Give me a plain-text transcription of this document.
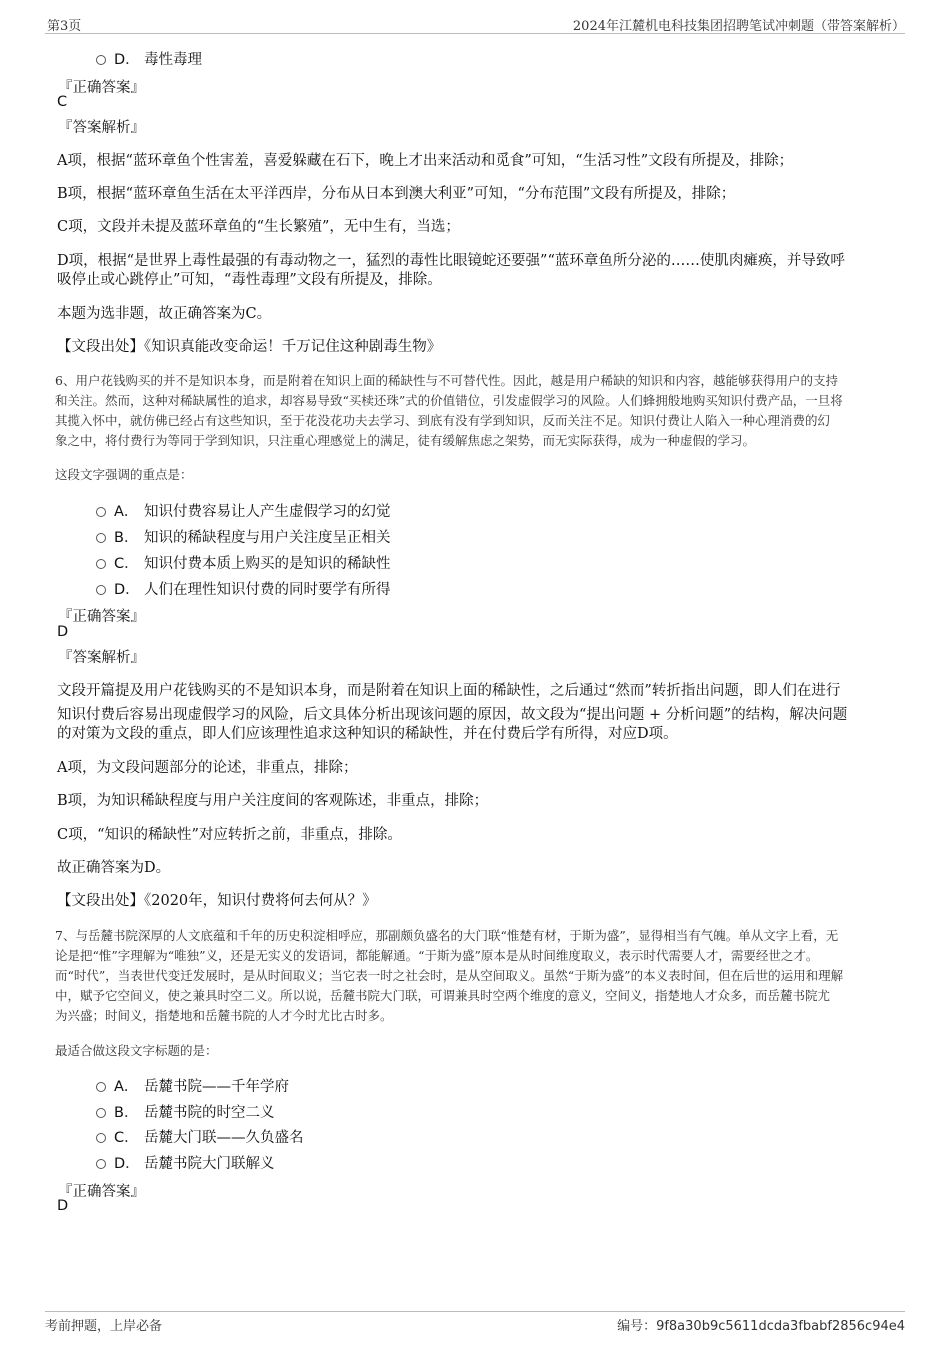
第3页	2024年江麓机电科技集团招聘笔试冲刺题（带答案解析）
D． 毒性毒理
『正确答案』
C
『答案解析』
A项，根据“蓝环章鱼个性害羞，喜爱躲藏在石下，晚上才出来活动和觅食”可知，“生活习性”文段有所提及，排除；
B项，根据“蓝环章鱼生活在太平洋西岸，分布从日本到澳大利亚”可知，“分布范围”文段有所提及，排除；
C项，文段并未提及蓝环章鱼的“生长繁殖”，无中生有，当选；
D项，根据“是世界上毒性最强的有毒动物之一，猛烈的毒性比眼镜蛇还要强”“蓝环章鱼所分泌的……使肌肉瘫痪，并导致呼
吸停止或心跳停止”可知，“毒性毒理”文段有所提及，排除。
本题为选非题，故正确答案为C。
【文段出处】《知识真能改变命运！千万记住这种剧毒生物》
6、用户花钱购买的并不是知识本身，而是附着在知识上面的稀缺性与不可替代性。因此，越是用户稀缺的知识和内容，越能够获得用户的支持
和关注。然而，这种对稀缺属性的追求，却容易导致“买椟还珠”式的价值错位，引发虚假学习的风险。人们蜂拥般地购买知识付费产品，一旦将
其揽入怀中，就仿佛已经占有这些知识，至于花没花功夫去学习、到底有没有学到知识，反而关注不足。知识付费让人陷入一种心理消费的幻
象之中，将付费行为等同于学到知识，只注重心理感觉上的满足，徒有缓解焦虑之架势，而无实际获得，成为一种虚假的学习。
这段文字强调的重点是：
A． 知识付费容易让人产生虚假学习的幻觉
B． 知识的稀缺程度与用户关注度呈正相关
C． 知识付费本质上购买的是知识的稀缺性
D． 人们在理性知识付费的同时要学有所得
『正确答案』
D
『答案解析』
文段开篇提及用户花钱购买的不是知识本身，而是附着在知识上面的稀缺性，之后通过“然而”转折指出问题，即人们在进行
知识付费后容易出现虚假学习的风险，后文具体分析出现该问题的原因，故文段为“提出问题 + 分析问题”的结构，解决问题
的对策为文段的重点，即人们应该理性追求这种知识的稀缺性，并在付费后学有所得，对应D项。
A项，为文段问题部分的论述，非重点，排除；
B项，为知识稀缺程度与用户关注度间的客观陈述，非重点，排除；
C项，“知识的稀缺性”对应转折之前，非重点，排除。
故正确答案为D。
【文段出处】《2020年，知识付费将何去何从？》
7、与岳麓书院深厚的人文底蕴和千年的历史积淀相呼应，那副颇负盛名的大门联“惟楚有材，于斯为盛”，显得相当有气魄。单从文字上看，无
论是把“惟”字理解为“唯独”义，还是无实义的发语词，都能解通。“于斯为盛”原本是从时间维度取义，表示时代需要人才，需要经世之才。
而“时代”，当表世代变迁发展时，是从时间取义；当它表一时之社会时，是从空间取义。虽然“于斯为盛”的本义表时间，但在后世的运用和理解
中，赋予它空间义，使之兼具时空二义。所以说，岳麓书院大门联，可谓兼具时空两个维度的意义，空间义，指楚地人才众多，而岳麓书院尤
为兴盛；时间义，指楚地和岳麓书院的人才今时尤比古时多。
最适合做这段文字标题的是：
A． 岳麓书院——千年学府
B． 岳麓书院的时空二义
C． 岳麓大门联——久负盛名
D． 岳麓书院大门联解义
『正确答案』
D
考前押题，上岸必备	编号：9f8a30b9c5611dcda3fbabf2856c94e4
